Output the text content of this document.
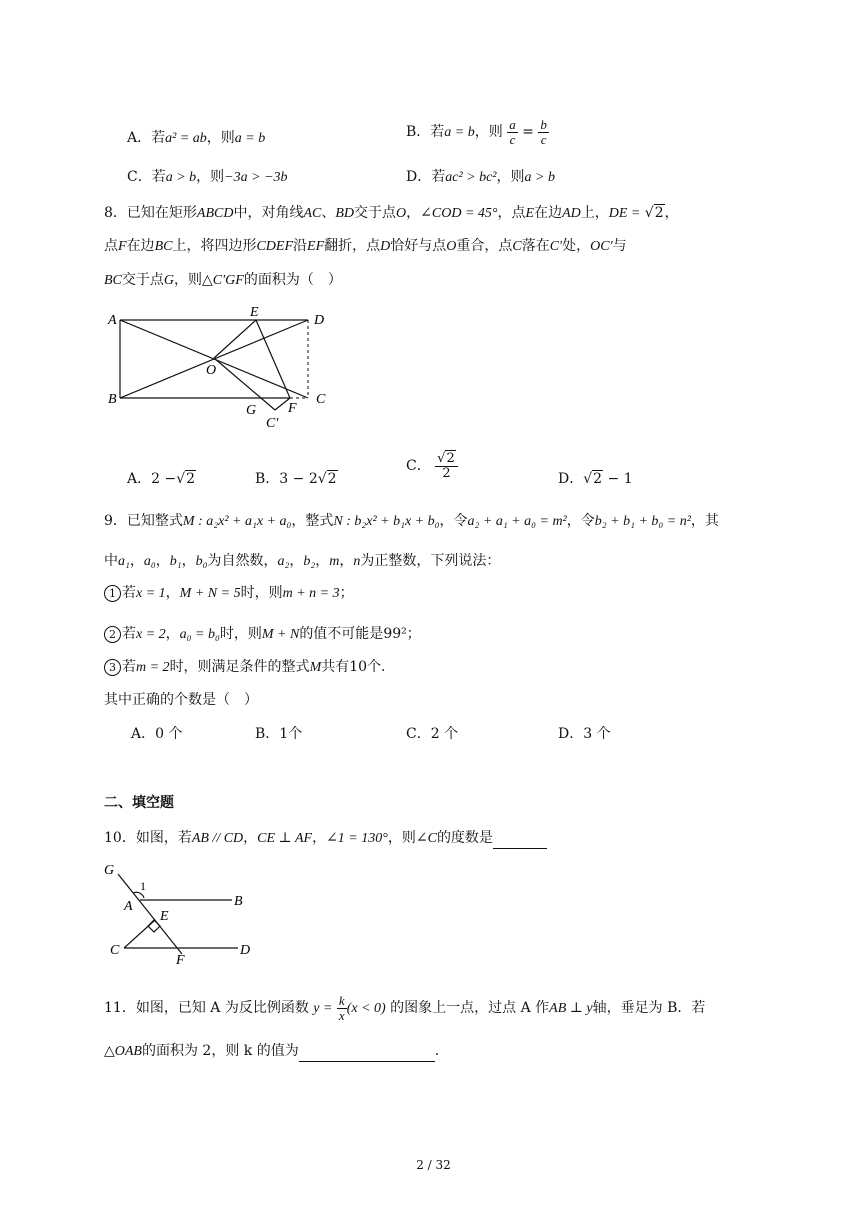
A．若a² = ab，则a = b	B．若a = b，则 $\frac{a}{c} = \frac{b}{c}$
C．若a > b，则−3a > −3b	D．若ac² > bc²，则a > b
8．已知在矩形ABCD中，对角线AC、BD交于点O，∠COD = 45°，点E在边AD上，DE = √2，
点F在边BC上，将四边形CDEF沿EF翻折，点D恰好与点O重合，点C落在C′处，OC′与
BC交于点G，则△C′GF的面积为（　）
A
B	C
D
E
O
G F
C′
A．2 −√2	B．3 − 2√2
C． $\frac{√2}{2}$	D．√2 − 1
9．已知整式M : a₂x² + a₁x + a₀，整式N : b₂x² + b₁x + b₀，令a₂ + a₁ + a₀ = m²，令b₂ + b₁ + b₀ = n²，其
中a₁，a₀，b₁，b₀为自然数，a₂，b₂，m，n为正整数，下列说法：
1 若x = 1，M + N = 5时，则m + n = 3；
2 若x = 2，a₀ = b₀时，则M + N的值不可能是99²；
3 若m = 2时，则满足条件的整式M共有10个.
其中正确的个数是（　）
A．0 个	B．1个	C．2 个	D．3 个
二、填空题
10．如图，若AB // CD，CE ⊥ AF，∠1 = 130°，则∠C的度数是
G
1
A	B
E
C
F
D
11．如图，已知 A 为反比例函数 $y = \frac{k}{x} (x < 0)$ 的图象上一点，过点 A 作AB ⊥ y轴，垂足为 B．若
△OAB的面积为 2，则 k 的值为	.
2 / 32
